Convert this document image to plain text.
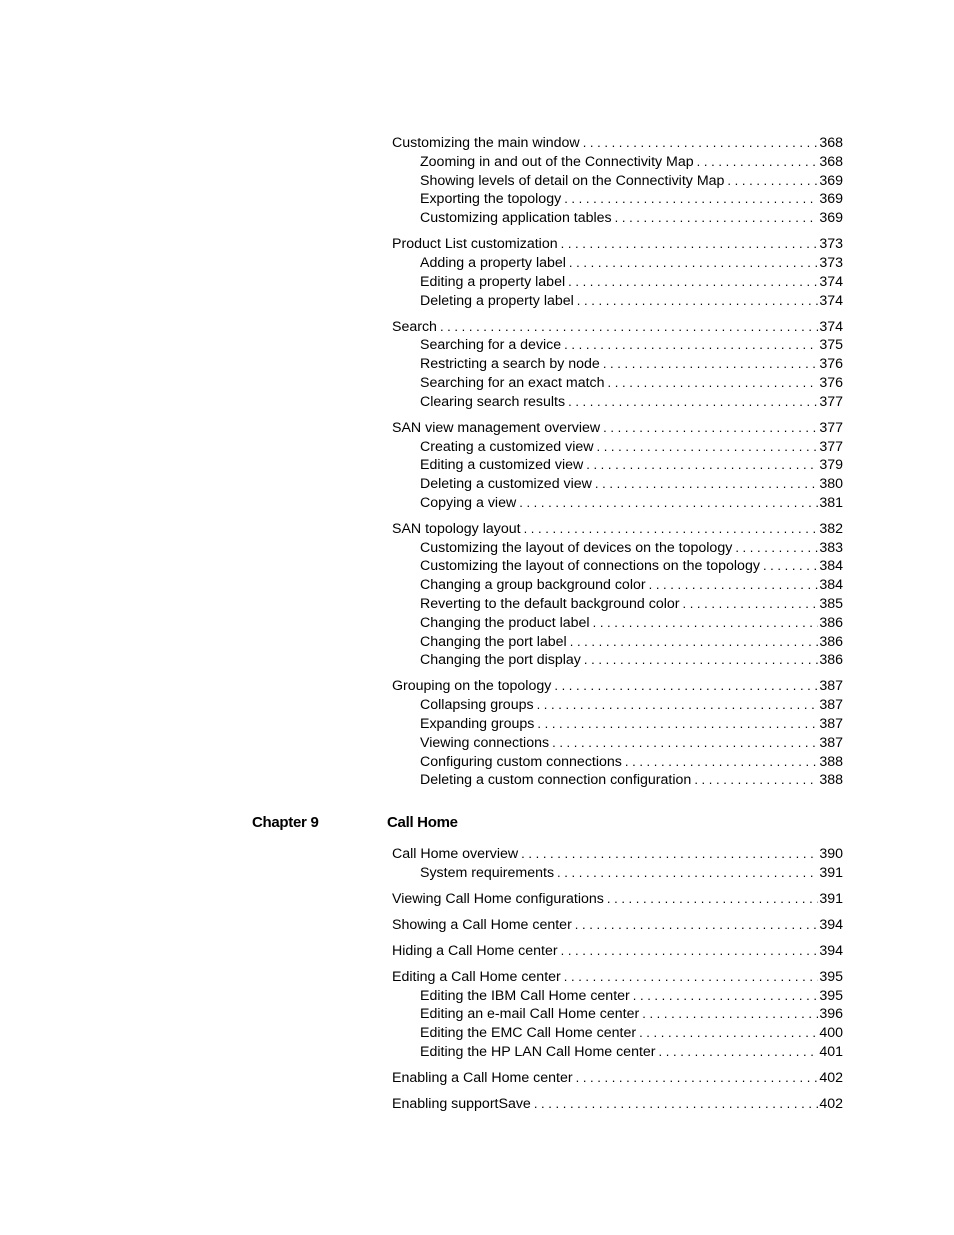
Customizing the main window . . .	368
Zooming in and out of the Connectivity Map . . .	368
Showing levels of detail on the Connectivity Map . . .	369
Exporting the topology . . .	369
Customizing application tables . . .	369
Product List customization . . .	373
Adding a property label . . .	373
Editing a property label . . .	374
Deleting a property label . . .	374
Search . . .	374
Searching for a device . . .	375
Restricting a search by node . . .	376
Searching for an exact match . . .	376
Clearing search results . . .	377
SAN view management overview . . .	377
Creating a customized view . . .	377
Editing a customized view . . .	379
Deleting a customized view . . .	380
Copying a view . . .	381
SAN topology layout . . .	382
Customizing the layout of devices on the topology . . .	383
Customizing the layout of connections on the topology . . .	384
Changing a group background color . . .	384
Reverting to the default background color . . .	385
Changing the product label . . .	386
Changing the port label . . .	386
Changing the port display . . .	386
Grouping on the topology . . .	387
Collapsing groups . . .	387
Expanding groups . . .	387
Viewing connections . . .	387
Configuring custom connections . . .	388
Deleting a custom connection configuration . . .	388
Chapter 9	Call Home
Call Home overview . . .	390
System requirements . . .	391
Viewing Call Home configurations . . .	391
Showing a Call Home center . . .	394
Hiding a Call Home center . . .	394
Editing a Call Home center . . .	395
Editing the IBM Call Home center . . .	395
Editing an e-mail Call Home center . . .	396
Editing the EMC Call Home center . . .	400
Editing the HP LAN Call Home center . . .	401
Enabling a Call Home center . . .	402
Enabling supportSave . . .	402
